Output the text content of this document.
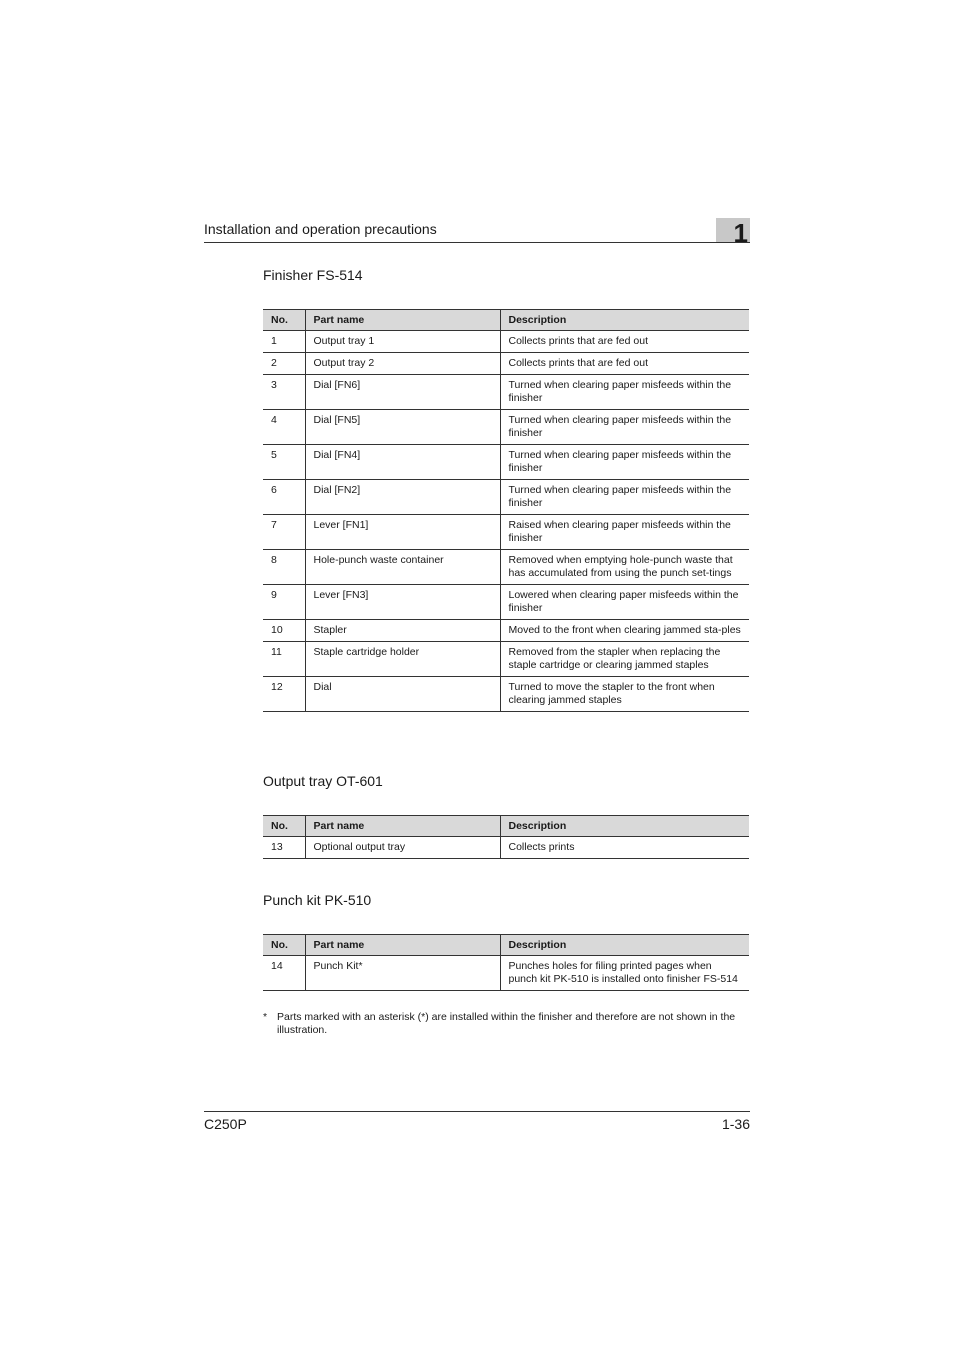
Installation and operation precautions	1
Finisher FS-514
No.	Part name	Description
1	Output tray 1	Collects prints that are fed out
2	Output tray 2	Collects prints that are fed out
3	Dial [FN6]	Turned when clearing paper misfeeds within the finisher
4	Dial [FN5]	Turned when clearing paper misfeeds within the finisher
5	Dial [FN4]	Turned when clearing paper misfeeds within the finisher
6	Dial [FN2]	Turned when clearing paper misfeeds within the finisher
7	Lever [FN1]	Raised when clearing paper misfeeds within the finisher
8	Hole-punch waste container	Removed when emptying hole-punch waste that has accumulated from using the punch set-tings
9	Lever [FN3]	Lowered when clearing paper misfeeds within the finisher
10	Stapler	Moved to the front when clearing jammed sta-ples
11	Staple cartridge holder	Removed from the stapler when replacing the staple cartridge or clearing jammed staples
12	Dial	Turned to move the stapler to the front when clearing jammed staples
Output tray OT-601
No.	Part name	Description
13	Optional output tray	Collects prints
Punch kit PK-510
No.	Part name	Description
14	Punch Kit*	Punches holes for filing printed pages when punch kit PK-510 is installed onto finisher FS-514
* Parts marked with an asterisk (*) are installed within the finisher and therefore are not shown in the illustration.
C250P	1-36
